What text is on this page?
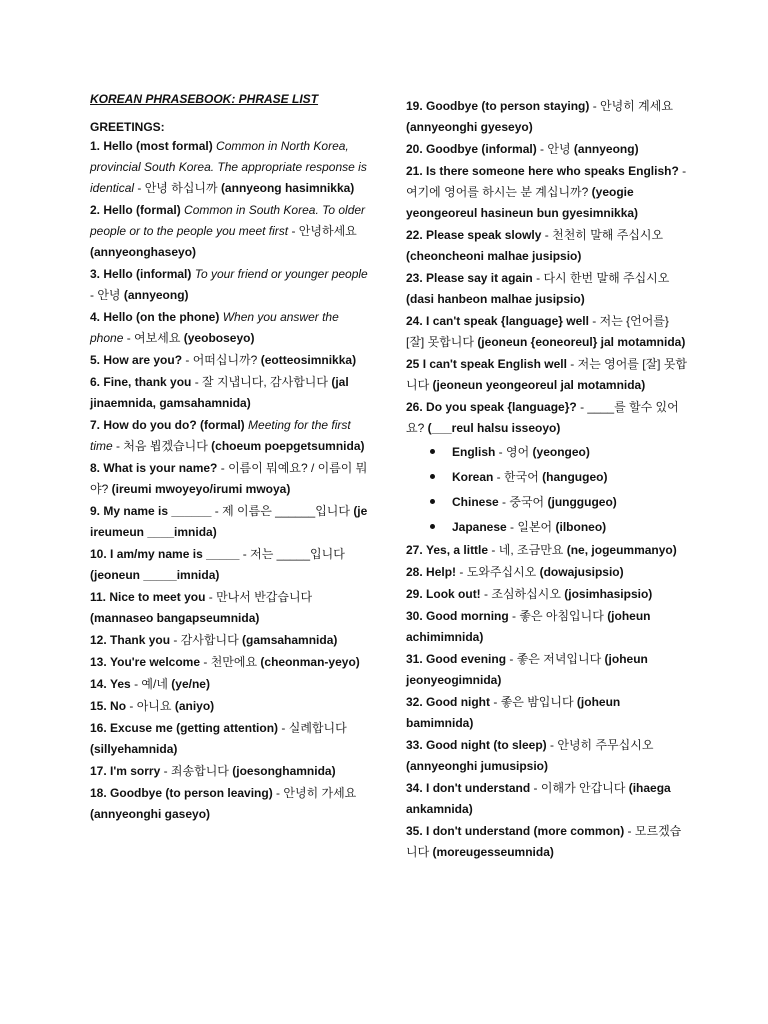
KOREAN PHRASEBOOK: PHRASE LIST
GREETINGS:
1. Hello (most formal) Common in North Korea, provincial South Korea. The appropriate response is identical - 안녕 하십니까 (annyeong hasimnikka)
2. Hello (formal) Common in South Korea. To older people or to the people you meet first - 안녕하세요 (annyeonghaseyo)
3. Hello (informal) To your friend or younger people - 안녕 (annyeong)
4. Hello (on the phone) When you answer the phone - 여보세요 (yeoboseyo)
5. How are you? - 어떠십니까? (eotteosimnikka)
6. Fine, thank you - 잘 지냅니다, 감사합니다 (jal jinaemnida, gamsahamnida)
7. How do you do? (formal) Meeting for the first time - 처음 뵙겠습니다 (choeum poepgetsumnida)
8. What is your name? - 이름이 뭐예요? / 이름이 뭐야? (ireumi mwoyeyo/irumi mwoya)
9. My name is ______ - 제 이름은 ______입니다 (je ireumeun ____imnida)
10. I am/my name is _____ - 저는 _____입니다 (jeoneun _____imnida)
11. Nice to meet you - 만나서 반갑습니다 (mannaseo bangapseumnida)
12. Thank you - 감사합니다 (gamsahamnida)
13. You're welcome - 천만에요 (cheonman-yeyo)
14. Yes - 예/네 (ye/ne)
15. No - 아니요 (aniyo)
16. Excuse me (getting attention) - 실례합니다 (sillyehamnida)
17. I'm sorry - 죄송합니다 (joesonghamnida)
18. Goodbye (to person leaving) - 안녕히 가세요 (annyeonghi gaseyo)
19. Goodbye (to person staying) - 안녕히 계세요 (annyeonghi gyeseyo)
20. Goodbye (informal) - 안녕 (annyeong)
21. Is there someone here who speaks English? - 여기에 영어를 하시는 분 계십니까? (yeogie yeongeoreul hasineun bun gyesimnikka)
22. Please speak slowly - 천천히 말해 주십시오 (cheoncheoni malhae jusipsio)
23. Please say it again - 다시 한번 말해 주십시오 (dasi hanbeon malhae jusipsio)
24. I can't speak {language} well - 저는 {언어를} [잘] 못합니다 (jeoneun {eoneoreul} jal motamnida)
25 I can't speak English well - 저는 영어를 [잘] 못합니다 (jeoneun yeongeoreul jal motamnida)
26. Do you speak {language}? - ____를 할수 있어요? (___reul halsu isseoyo)
English - 영어 (yeongeo)
Korean - 한국어 (hangugeo)
Chinese - 중국어 (junggugeo)
Japanese - 일본어 (ilboneo)
27. Yes, a little - 네, 조금만요 (ne, jogeummanyo)
28. Help! - 도와주십시오 (dowajusipsio)
29. Look out! - 조심하십시오 (josimhasipsio)
30. Good morning - 좋은 아침입니다 (joheun achimimnida)
31. Good evening - 좋은 저녁입니다 (joheun jeonyeogimnida)
32. Good night - 좋은 밤입니다 (joheun bamimnida)
33. Good night (to sleep) - 안녕히 주무십시오 (annyeonghi jumusipsio)
34. I don't understand - 이해가 안갑니다 (ihaega ankamnida)
35. I don't understand (more common) - 모르겠습니다 (moreugesseumnida)
